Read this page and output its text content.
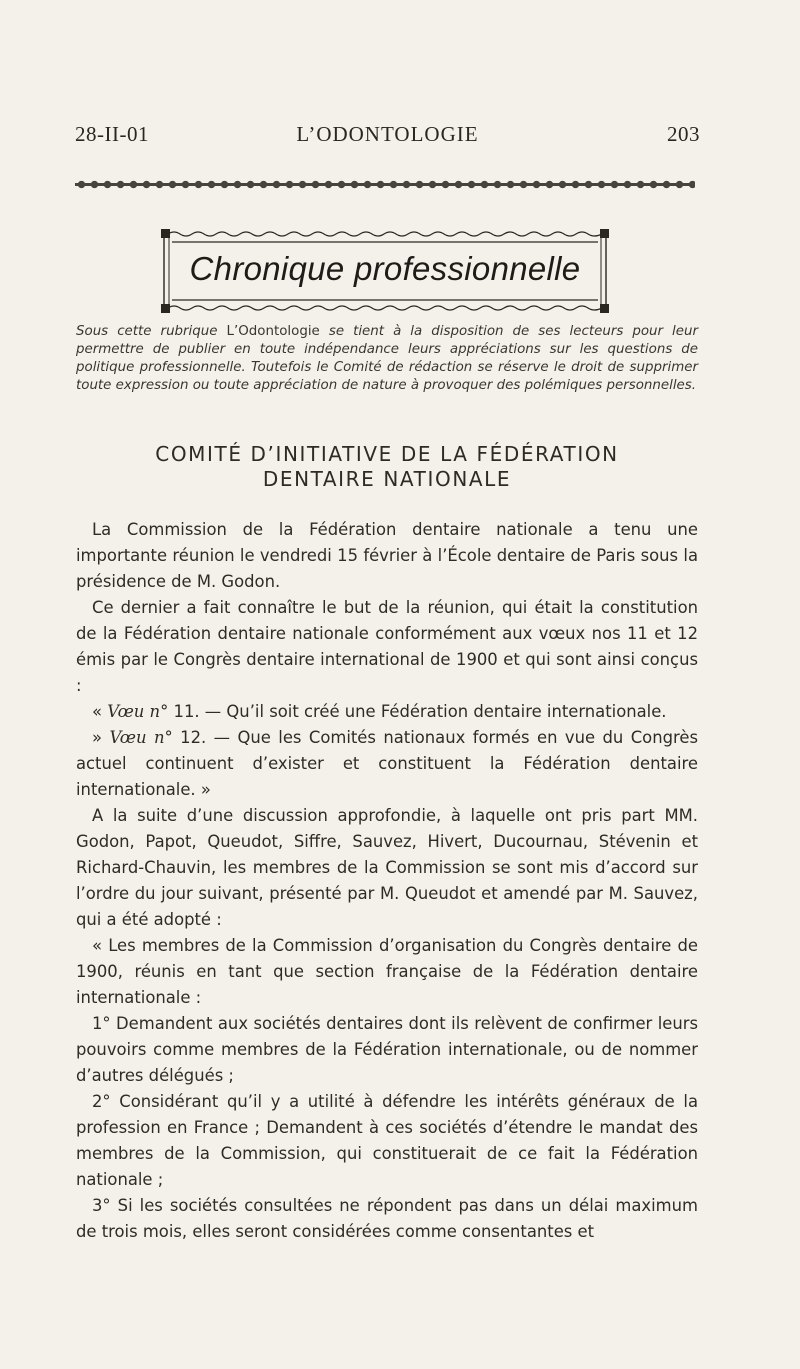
28-II-01	L’ODONTOLOGIE	203
Chronique professionnelle
Sous cette rubrique L’Odontologie se tient à la disposition de ses lecteurs pour leur permettre de publier en toute indépendance leurs appréciations sur les questions de politique professionnelle. Toutefois le Comité de rédaction se réserve le droit de supprimer toute expression ou toute appréciation de nature à provoquer des polémiques personnelles.
COMITÉ D’INITIATIVE DE LA FÉDÉRATION
DENTAIRE NATIONALE

La Commission de la Fédération dentaire nationale a tenu une importante réunion le vendredi 15 février à l’École dentaire de Paris sous la présidence de M. Godon.

Ce dernier a fait connaître le but de la réunion, qui était la constitution de la Fédération dentaire nationale conformément aux vœux nos 11 et 12 émis par le Congrès dentaire international de 1900 et qui sont ainsi conçus :

« Vœu n° 11. — Qu’il soit créé une Fédération dentaire internationale.

» Vœu n° 12. — Que les Comités nationaux formés en vue du Congrès actuel continuent d’exister et constituent la Fédération dentaire internationale. »

A la suite d’une discussion approfondie, à laquelle ont pris part MM. Godon, Papot, Queudot, Siffre, Sauvez, Hivert, Ducournau, Stévenin et Richard-Chauvin, les membres de la Commission se sont mis d’accord sur l’ordre du jour suivant, présenté par M. Queudot et amendé par M. Sauvez, qui a été adopté :

« Les membres de la Commission d’organisation du Congrès dentaire de 1900, réunis en tant que section française de la Fédération dentaire internationale :

1° Demandent aux sociétés dentaires dont ils relèvent de confirmer leurs pouvoirs comme membres de la Fédération internationale, ou de nommer d’autres délégués ;

2° Considérant qu’il y a utilité à défendre les intérêts généraux de la profession en France ; Demandent à ces sociétés d’étendre le mandat des membres de la Commission, qui constituerait de ce fait la Fédération nationale ;

3° Si les sociétés consultées ne répondent pas dans un délai maximum de trois mois, elles seront considérées comme consentantes et
